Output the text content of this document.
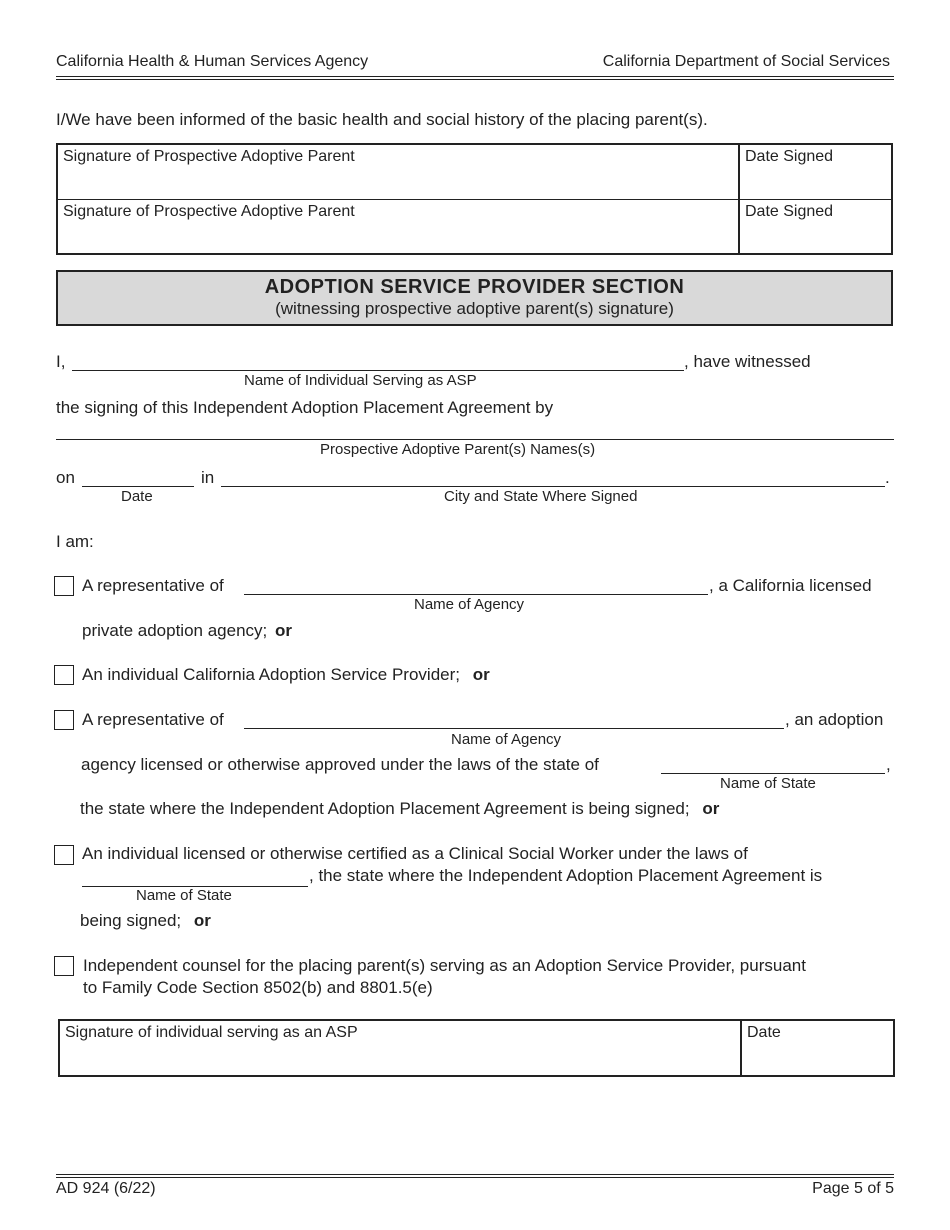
California Health & Human Services Agency	California Department of Social Services
I/We have been informed of the basic health and social history of the placing parent(s).
Signature of Prospective Adoptive Parent	Date Signed
Signature of Prospective Adoptive Parent	Date Signed
ADOPTION SERVICE PROVIDER SECTION
(witnessing prospective adoptive parent(s) signature)
I,	, have witnessed
Name of Individual Serving as ASP
the signing of this Independent Adoption Placement Agreement by
Prospective Adoptive Parent(s) Names(s)
on	in	.
Date	City and State Where Signed
I am:
A representative of	, a California licensed
Name of Agency
private adoption agency; or
An individual California Adoption Service Provider; or
A representative of	, an adoption
Name of Agency
agency licensed or otherwise approved under the laws of the state of	,
Name of State
the state where the Independent Adoption Placement Agreement is being signed; or
An individual licensed or otherwise certified as a Clinical Social Worker under the laws of
, the state where the Independent Adoption Placement Agreement is
Name of State
being signed; or
Independent counsel for the placing parent(s) serving as an Adoption Service Provider, pursuant
to Family Code Section 8502(b) and 8801.5(e)
Signature of individual serving as an ASP	Date
AD 924 (6/22)	Page 5 of 5
